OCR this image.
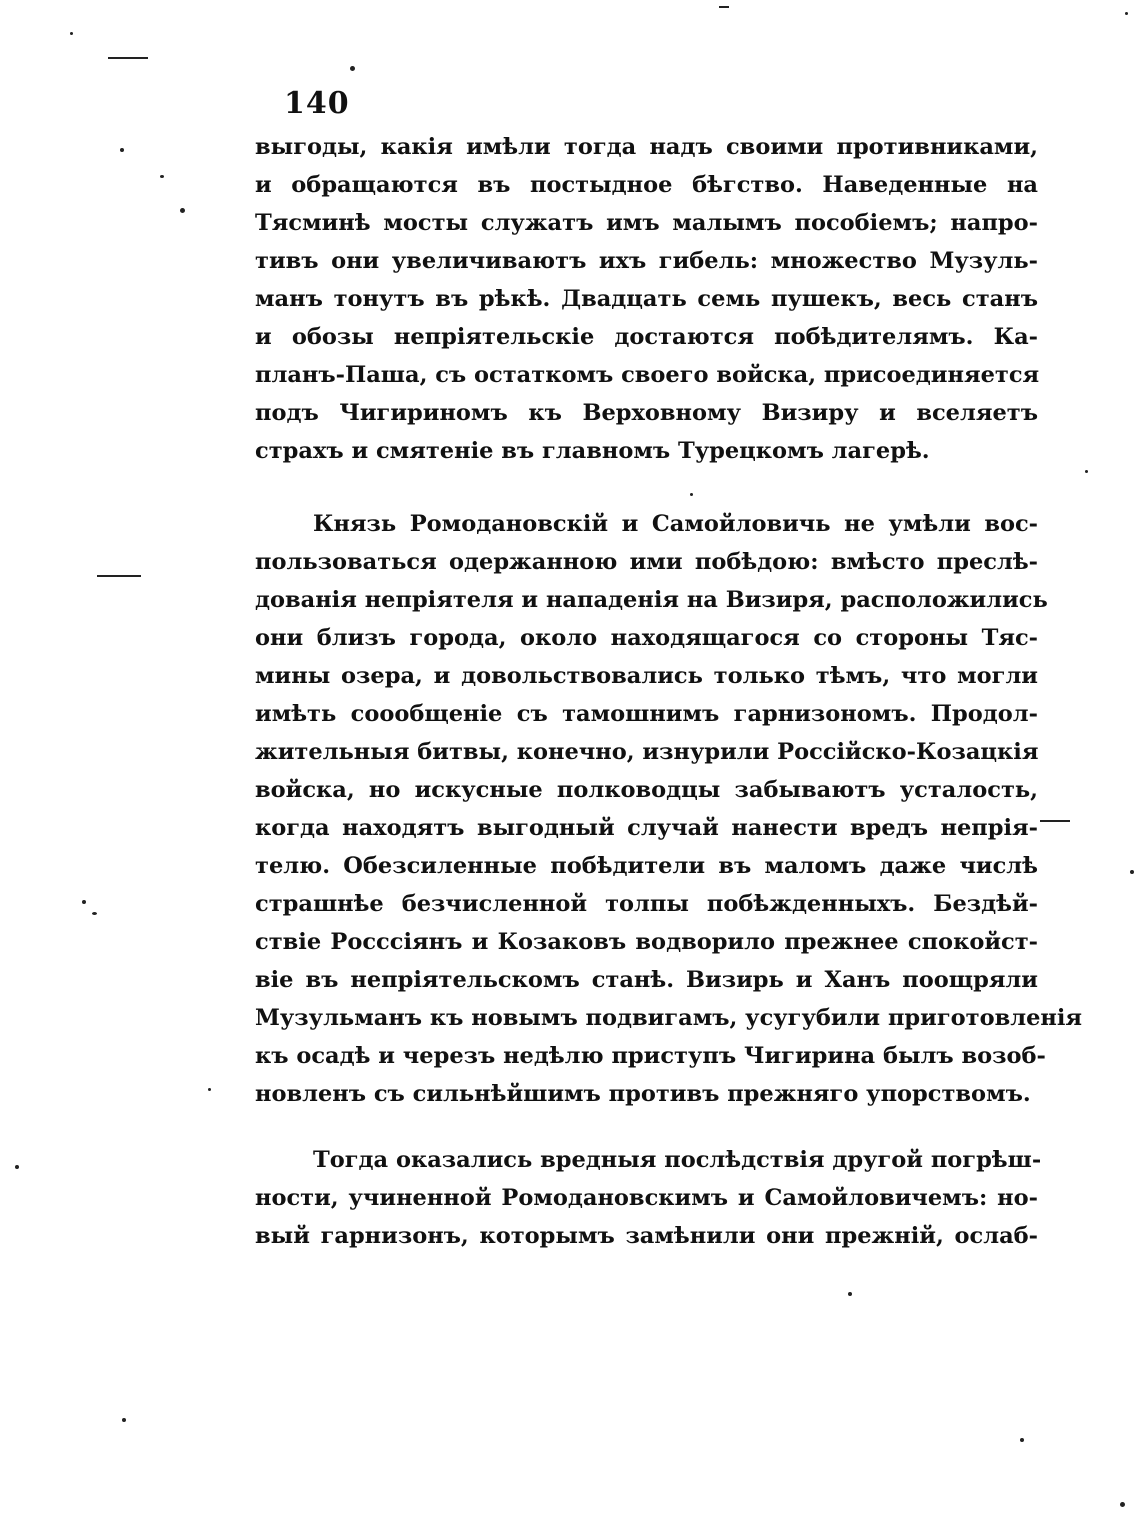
140
выгоды, какія имѣли тогда надъ своими противниками,
и обращаются въ постыдное бѣгство. Наведенные на
Тясминѣ мосты служатъ имъ малымъ пособіемъ; напро-
тивъ они увеличиваютъ ихъ гибель: множество Музуль-
манъ тонутъ въ рѣкѣ. Двадцать семь пушекъ, весь станъ
и обозы непріятельскіе достаются побѣдителямъ. Ка-
планъ-Паша, съ остаткомъ своего войска, присоединяется
подъ Чигириномъ къ Верховному Визиру и вселяетъ
страхъ и смятеніе въ главномъ Турецкомъ лагерѣ.
Князь Ромодановскій и Самойловичь не умѣли вос-
пользоваться одержанною ими побѣдою: вмѣсто преслѣ-
дованія непріятеля и нападенія на Визиря, расположились
они близъ города, около находящагося со стороны Тяс-
мины озера, и довольствовались только тѣмъ, что могли
имѣть соообщеніе съ тамошнимъ гарнизономъ. Продол-
жительныя битвы, конечно, изнурили Россійско-Козацкія
войска, но искусные полководцы забываютъ усталость,
когда находятъ выгодный случай нанести вредъ непрія-
телю. Обезсиленные побѣдители въ маломъ даже числѣ
страшнѣе безчисленной толпы побѣжденныхъ. Бездѣй-
ствіе Росссіянъ и Козаковъ водворило прежнее спокойст-
віе въ непріятельскомъ станѣ. Визирь и Ханъ поощряли
Музульманъ къ новымъ подвигамъ, усугубили приготовленія
къ осадѣ и черезъ недѣлю приступъ Чигирина былъ возоб-
новленъ съ сильнѣйшимъ противъ прежняго упорствомъ.
Тогда оказались вредныя послѣдствія другой погрѣш-
ности, учиненной Ромодановскимъ и Самойловичемъ: но-
вый гарнизонъ, которымъ замѣнили они прежній, ослаб-
